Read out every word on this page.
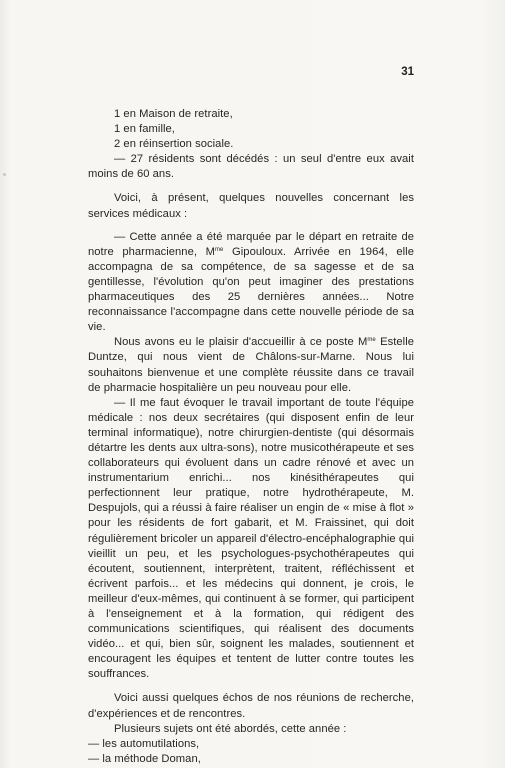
31

1 en Maison de retraite,

1 en famille,

2 en réinsertion sociale.

— 27 résidents sont décédés : un seul d'entre eux avait moins de 60 ans.

Voici, à présent, quelques nouvelles concernant les services médicaux :

— Cette année a été marquée par le départ en retraite de notre pharmacienne, $M^{me}$ Gipouloux. Arrivée en 1964, elle accompagna de sa compétence, de sa sagesse et de sa gentillesse, l'évolution qu'on peut imaginer des prestations pharmaceutiques des 25 dernières années... Notre reconnaissance l'accompagne dans cette nouvelle période de sa vie.

Nous avons eu le plaisir d'accueillir à ce poste $M^{me}$ Estelle Duntze, qui nous vient de Châlons-sur-Marne. Nous lui souhaitons bienvenue et une complète réussite dans ce travail de pharmacie hospitalière un peu nouveau pour elle.

— Il me faut évoquer le travail important de toute l'équipe médicale : nos deux secrétaires (qui disposent enfin de leur terminal informatique), notre chirurgien-dentiste (qui désormais détartre les dents aux ultra-sons), notre musicothérapeute et ses collaborateurs qui évoluent dans un cadre rénové et avec un instrumentarium enrichi... nos kinésithérapeutes qui perfectionnent leur pratique, notre hydrothérapeute, M. Despujols, qui a réussi à faire réaliser un engin de « mise à flot » pour les résidents de fort gabarit, et M. Fraissinet, qui doit régulièrement bricoler un appareil d'électro-encéphalographie qui vieillit un peu, et les psychologues-psychothérapeutes qui écoutent, soutiennent, interprètent, traitent, réfléchissent et écrivent parfois... et les médecins qui donnent, je crois, le meilleur d'eux-mêmes, qui continuent à se former, qui participent à l'enseignement et à la formation, qui rédigent des communications scientifiques, qui réalisent des documents vidéo... et qui, bien sûr, soignent les malades, soutiennent et encouragent les équipes et tentent de lutter contre toutes les souffrances.

Voici aussi quelques échos de nos réunions de recherche, d'expériences et de rencontres.

Plusieurs sujets ont été abordés, cette année :

— les automutilations,

— la méthode Doman,
